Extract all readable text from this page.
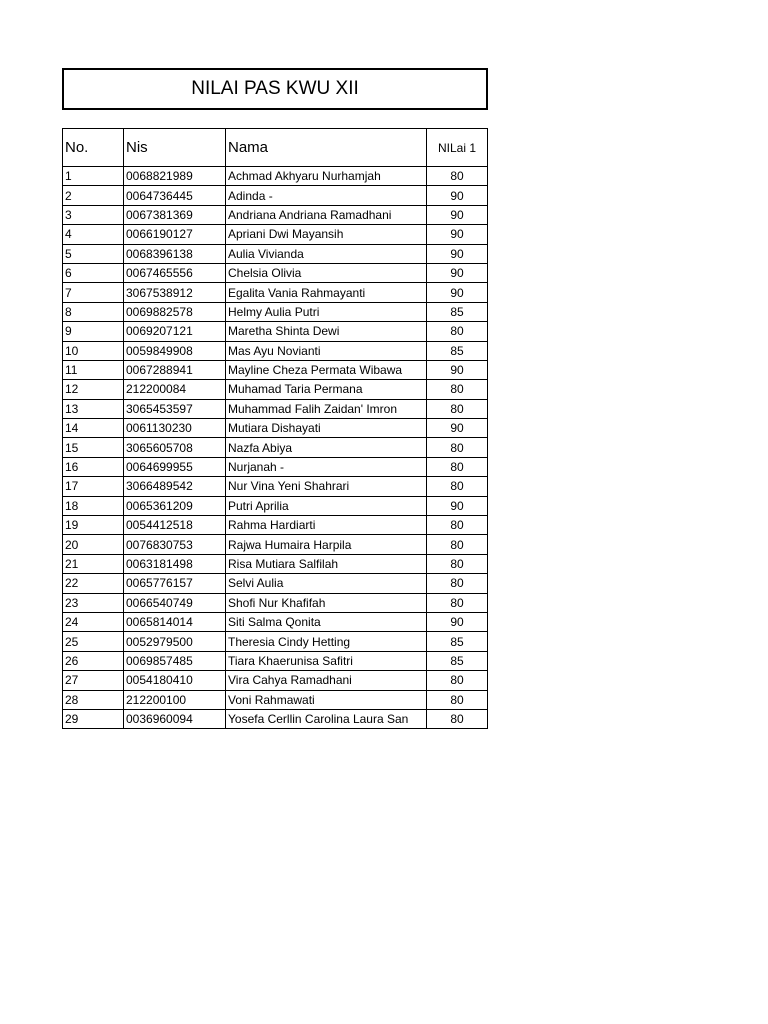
NILAI PAS KWU XII
No.	Nis	Nama	NILai 1
1	0068821989	Achmad Akhyaru Nurhamjah	80
2	0064736445	Adinda -	90
3	0067381369	Andriana Andriana Ramadhani	90
4	0066190127	Apriani Dwi Mayansih	90
5	0068396138	Aulia Vivianda	90
6	0067465556	Chelsia Olivia	90
7	3067538912	Egalita Vania Rahmayanti	90
8	0069882578	Helmy Aulia Putri	85
9	0069207121	Maretha Shinta Dewi	80
10	0059849908	Mas Ayu Novianti	85
11	0067288941	Mayline Cheza Permata Wibawa	90
12	212200084	Muhamad Taria Permana	80
13	3065453597	Muhammad Falih Zaidan' Imron	80
14	0061130230	Mutiara Dishayati	90
15	3065605708	Nazfa Abiya	80
16	0064699955	Nurjanah -	80
17	3066489542	Nur Vina Yeni Shahrari	80
18	0065361209	Putri Aprilia	90
19	0054412518	Rahma Hardiarti	80
20	0076830753	Rajwa Humaira Harpila	80
21	0063181498	Risa Mutiara Salfilah	80
22	0065776157	Selvi Aulia	80
23	0066540749	Shofi Nur Khafifah	80
24	0065814014	Siti Salma Qonita	90
25	0052979500	Theresia Cindy Hetting	85
26	0069857485	Tiara Khaerunisa Safitri	85
27	0054180410	Vira Cahya Ramadhani	80
28	212200100	Voni Rahmawati	80
29	0036960094	Yosefa Cerllin Carolina Laura San	80
